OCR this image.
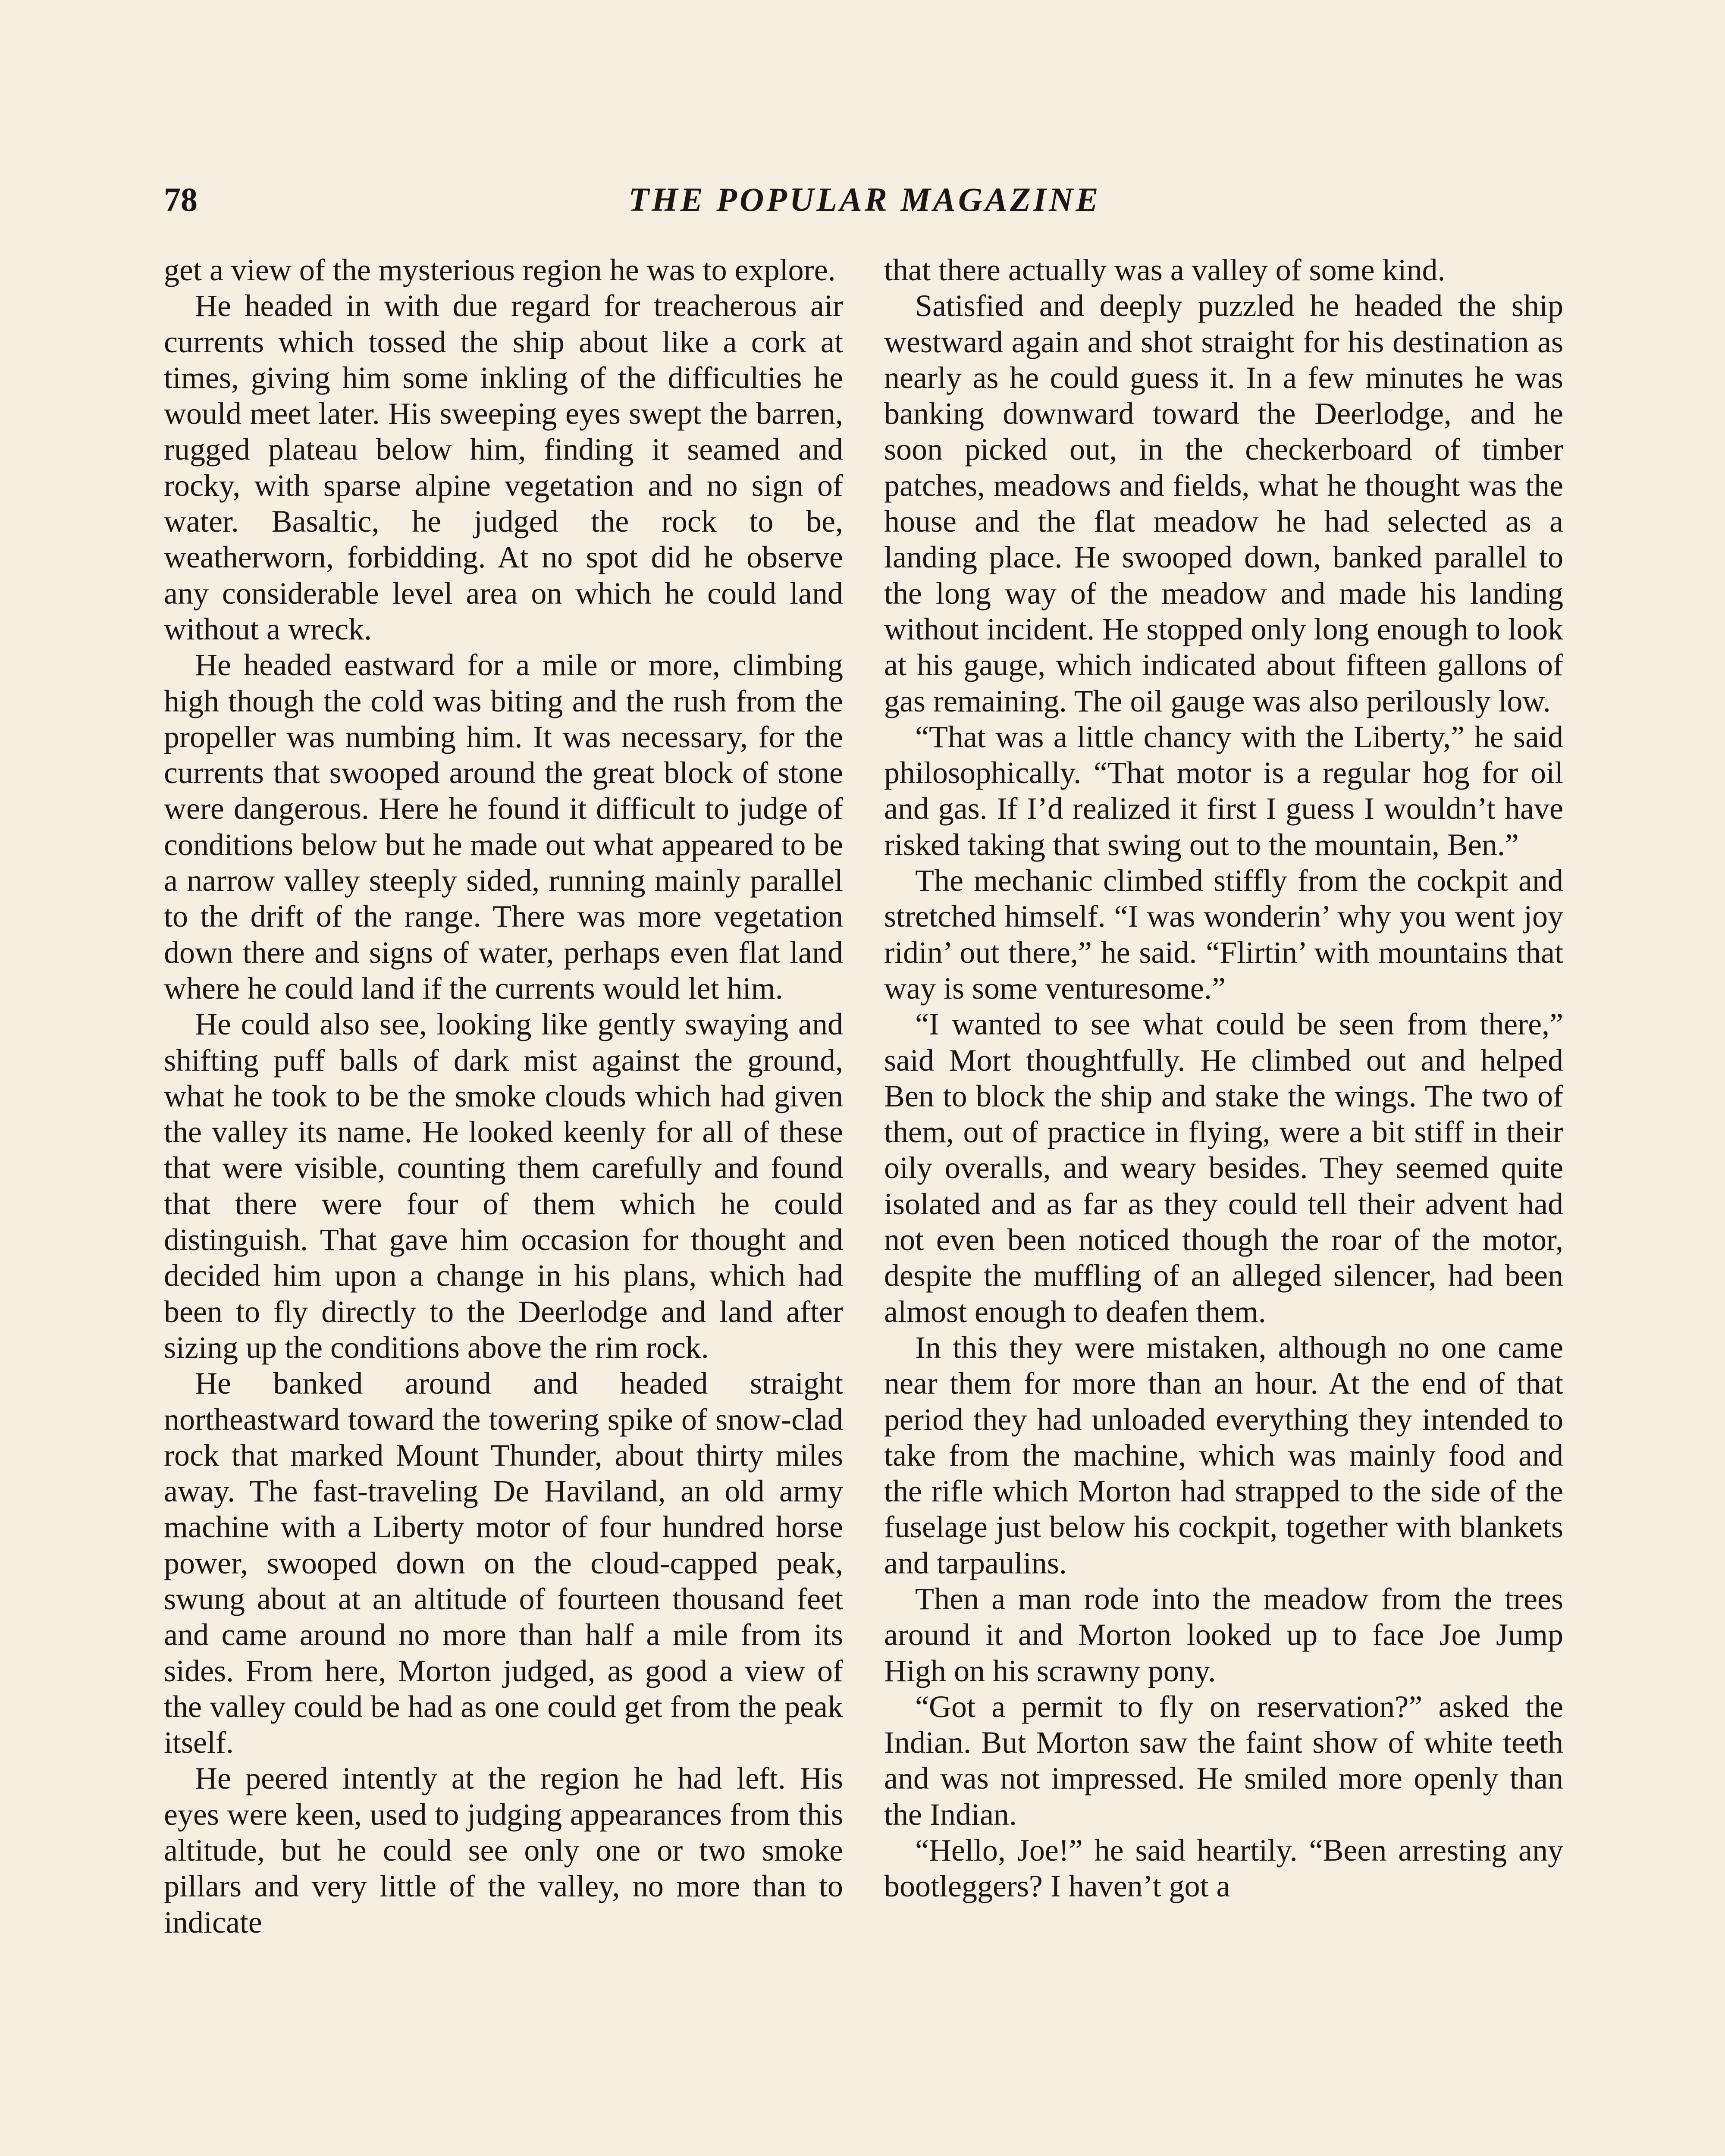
78	THE POPULAR MAGAZINE

get a view of the mysterious region he was to explore.

He headed in with due regard for treacherous air currents which tossed the ship about like a cork at times, giving him some inkling of the difficulties he would meet later. His sweeping eyes swept the barren, rugged plateau below him, finding it seamed and rocky, with sparse alpine vegetation and no sign of water. Basaltic, he judged the rock to be, weatherworn, forbidding. At no spot did he observe any considerable level area on which he could land without a wreck.

He headed eastward for a mile or more, climbing high though the cold was biting and the rush from the propeller was numbing him. It was necessary, for the currents that swooped around the great block of stone were dangerous. Here he found it difficult to judge of conditions below but he made out what appeared to be a narrow valley steeply sided, running mainly parallel to the drift of the range. There was more vegetation down there and signs of water, perhaps even flat land where he could land if the currents would let him.

He could also see, looking like gently swaying and shifting puff balls of dark mist against the ground, what he took to be the smoke clouds which had given the valley its name. He looked keenly for all of these that were visible, counting them carefully and found that there were four of them which he could distinguish. That gave him occasion for thought and decided him upon a change in his plans, which had been to fly directly to the Deerlodge and land after sizing up the conditions above the rim rock.

He banked around and headed straight northeastward toward the towering spike of snow-clad rock that marked Mount Thunder, about thirty miles away. The fast-traveling De Haviland, an old army machine with a Liberty motor of four hundred horse power, swooped down on the cloud-capped peak, swung about at an altitude of fourteen thousand feet and came around no more than half a mile from its sides. From here, Morton judged, as good a view of the valley could be had as one could get from the peak itself.

He peered intently at the region he had left. His eyes were keen, used to judging appearances from this altitude, but he could see only one or two smoke pillars and very little of the valley, no more than to indicate

that there actually was a valley of some kind.

Satisfied and deeply puzzled he headed the ship westward again and shot straight for his destination as nearly as he could guess it. In a few minutes he was banking downward toward the Deerlodge, and he soon picked out, in the checkerboard of timber patches, meadows and fields, what he thought was the house and the flat meadow he had selected as a landing place. He swooped down, banked parallel to the long way of the meadow and made his landing without incident. He stopped only long enough to look at his gauge, which indicated about fifteen gallons of gas remaining. The oil gauge was also perilously low.

“That was a little chancy with the Liberty,” he said philosophically. “That motor is a regular hog for oil and gas. If I’d realized it first I guess I wouldn’t have risked taking that swing out to the mountain, Ben.”

The mechanic climbed stiffly from the cockpit and stretched himself. “I was wonderin’ why you went joy ridin’ out there,” he said. “Flirtin’ with mountains that way is some venturesome.”

“I wanted to see what could be seen from there,” said Mort thoughtfully. He climbed out and helped Ben to block the ship and stake the wings. The two of them, out of practice in flying, were a bit stiff in their oily overalls, and weary besides. They seemed quite isolated and as far as they could tell their advent had not even been noticed though the roar of the motor, despite the muffling of an alleged silencer, had been almost enough to deafen them.

In this they were mistaken, although no one came near them for more than an hour. At the end of that period they had unloaded everything they intended to take from the machine, which was mainly food and the rifle which Morton had strapped to the side of the fuselage just below his cockpit, together with blankets and tarpaulins.

Then a man rode into the meadow from the trees around it and Morton looked up to face Joe Jump High on his scrawny pony.

“Got a permit to fly on reservation?” asked the Indian. But Morton saw the faint show of white teeth and was not impressed. He smiled more openly than the Indian.

“Hello, Joe!” he said heartily. “Been arresting any bootleggers? I haven’t got a
